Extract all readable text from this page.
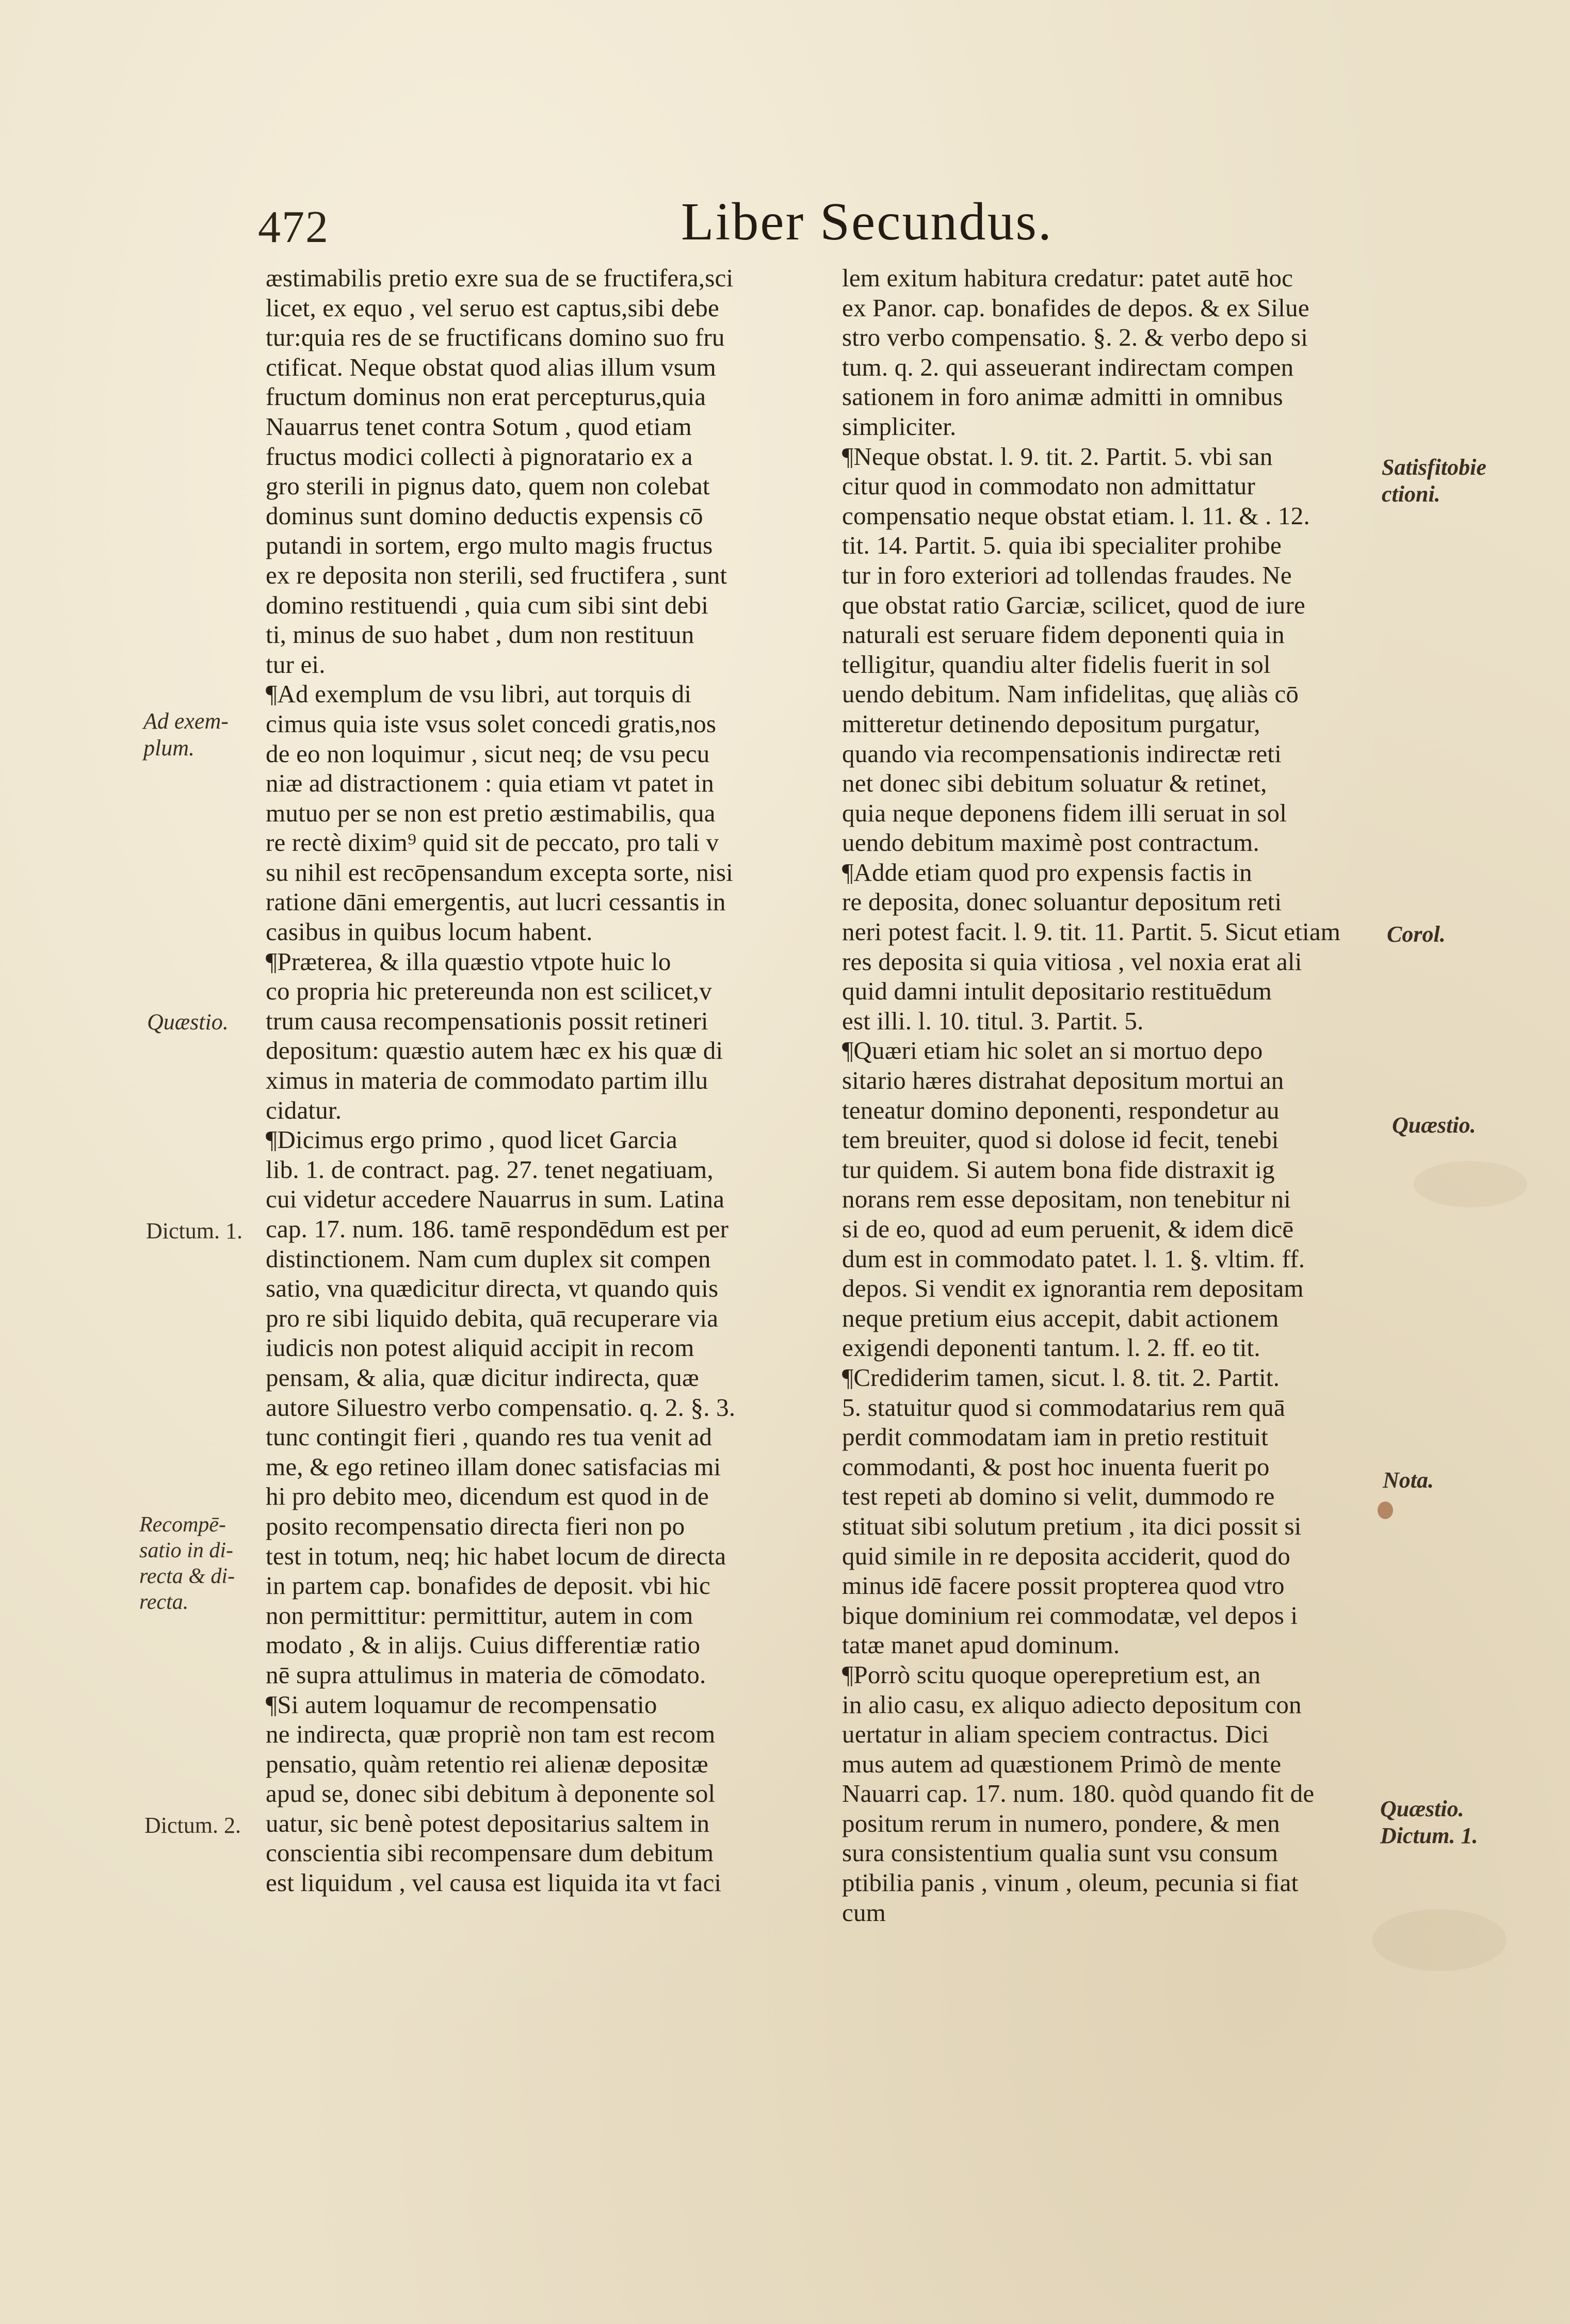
472	Liber Secundus.
æstimabilis pretio exre sua de se fructifera,sci
licet, ex equo , vel seruo est captus,sibi debe
tur:quia res de se fructificans domino suo fru
ctificat. Neque obstat quod alias illum vsum
fructum dominus non erat percepturus,quia
Nauarrus tenet contra Sotum , quod etiam
fructus modici collecti à pignoratario ex a
gro sterili in pignus dato, quem non colebat
dominus sunt domino deductis expensis cō
putandi in sortem, ergo multo magis fructus
ex re deposita non sterili, sed fructifera , sunt
domino restituendi , quia cum sibi sint debi
ti, minus de suo habet , dum non restituun
tur ei.
¶Ad exemplum de vsu libri, aut torquis di
cimus quia iste vsus solet concedi gratis,nos
de eo non loquimur , sicut neq; de vsu pecu
niæ ad distractionem : quia etiam vt patet in
mutuo per se non est pretio æstimabilis, qua
re rectè dixim⁹ quid sit de peccato, pro tali v
su nihil est recōpensandum excepta sorte, nisi
ratione dāni emergentis, aut lucri cessantis in
casibus in quibus locum habent.
¶Præterea, & illa quæstio vtpote huic lo
co propria hic pretereunda non est scilicet,v
trum causa recompensationis possit retineri
depositum: quæstio autem hæc ex his quæ di
ximus in materia de commodato partim illu
cidatur.
¶Dicimus ergo primo , quod licet Garcia
lib. 1. de contract. pag. 27. tenet negatiuam,
cui videtur accedere Nauarrus in sum. Latina
cap. 17. num. 186. tamē respondēdum est per
distinctionem. Nam cum duplex sit compen
satio, vna quædicitur directa, vt quando quis
pro re sibi liquido debita, quā recuperare via
iudicis non potest aliquid accipit in recom
pensam, & alia, quæ dicitur indirecta, quæ
autore Siluestro verbo compensatio. q. 2. §. 3.
tunc contingit fieri , quando res tua venit ad
me, & ego retineo illam donec satisfacias mi
hi pro debito meo, dicendum est quod in de
posito recompensatio directa fieri non po
test in totum, neq; hic habet locum de directa
in partem cap. bonafides de deposit. vbi hic
non permittitur: permittitur, autem in com
modato , & in alijs. Cuius differentiæ ratio
nē supra attulimus in materia de cōmodato.
¶Si autem loquamur de recompensatio
ne indirecta, quæ propriè non tam est recom
pensatio, quàm retentio rei alienæ depositæ
apud se, donec sibi debitum à deponente sol
uatur, sic benè potest depositarius saltem in
conscientia sibi recompensare dum debitum
est liquidum , vel causa est liquida ita vt faci
lem exitum habitura credatur: patet autē hoc
ex Panor. cap. bonafides de depos. & ex Silue
stro verbo compensatio. §. 2. & verbo depo si
tum. q. 2. qui asseuerant indirectam compen
sationem in foro animæ admitti in omnibus
simpliciter.
¶Neque obstat. l. 9. tit. 2. Partit. 5. vbi san
citur quod in commodato non admittatur
compensatio neque obstat etiam. l. 11. & . 12.
tit. 14. Partit. 5. quia ibi specialiter prohibe
tur in foro exteriori ad tollendas fraudes. Ne
que obstat ratio Garciæ, scilicet, quod de iure
naturali est seruare fidem deponenti quia in
telligitur, quandiu alter fidelis fuerit in sol
uendo debitum. Nam infidelitas, quę aliàs cō
mitteretur detinendo depositum purgatur,
quando via recompensationis indirectæ reti
net donec sibi debitum soluatur & retinet,
quia neque deponens fidem illi seruat in sol
uendo debitum maximè post contractum.
¶Adde etiam quod pro expensis factis in
re deposita, donec soluantur depositum reti
neri potest facit. l. 9. tit. 11. Partit. 5. Sicut etiam
res deposita si quia vitiosa , vel noxia erat ali
quid damni intulit depositario restituēdum
est illi. l. 10. titul. 3. Partit. 5.
¶Quæri etiam hic solet an si mortuo depo
sitario hæres distrahat depositum mortui an
teneatur domino deponenti, respondetur au
tem breuiter, quod si dolose id fecit, tenebi
tur quidem. Si autem bona fide distraxit ig
norans rem esse depositam, non tenebitur ni
si de eo, quod ad eum peruenit, & idem dicē
dum est in commodato patet. l. 1. §. vltim. ff.
depos. Si vendit ex ignorantia rem depositam
neque pretium eius accepit, dabit actionem
exigendi deponenti tantum. l. 2. ff. eo tit.
¶Crediderim tamen, sicut. l. 8. tit. 2. Partit.
5. statuitur quod si commodatarius rem quā
perdit commodatam iam in pretio restituit
commodanti, & post hoc inuenta fuerit po
test repeti ab domino si velit, dummodo re
stituat sibi solutum pretium , ita dici possit si
quid simile in re deposita acciderit, quod do
minus idē facere possit propterea quod vtro
bique dominium rei commodatæ, vel depos i
tatæ manet apud dominum.
¶Porrò scitu quoque operepretium est, an
in alio casu, ex aliquo adiecto depositum con
uertatur in aliam speciem contractus. Dici
mus autem ad quæstionem Primò de mente
Nauarri cap. 17. num. 180. quòd quando fit de
positum rerum in numero, pondere, & men
sura consistentium qualia sunt vsu consum
ptibilia panis , vinum , oleum, pecunia si fiat
cum
Ad exem-
plum.
Quæstio.
Dictum. 1.
Recompē-
satio in di-
recta & di-
recta.
Dictum. 2.
Satisfitobie
ctioni.
Corol.
Quæstio.
Nota.
Quæstio.
Dictum. 1.
